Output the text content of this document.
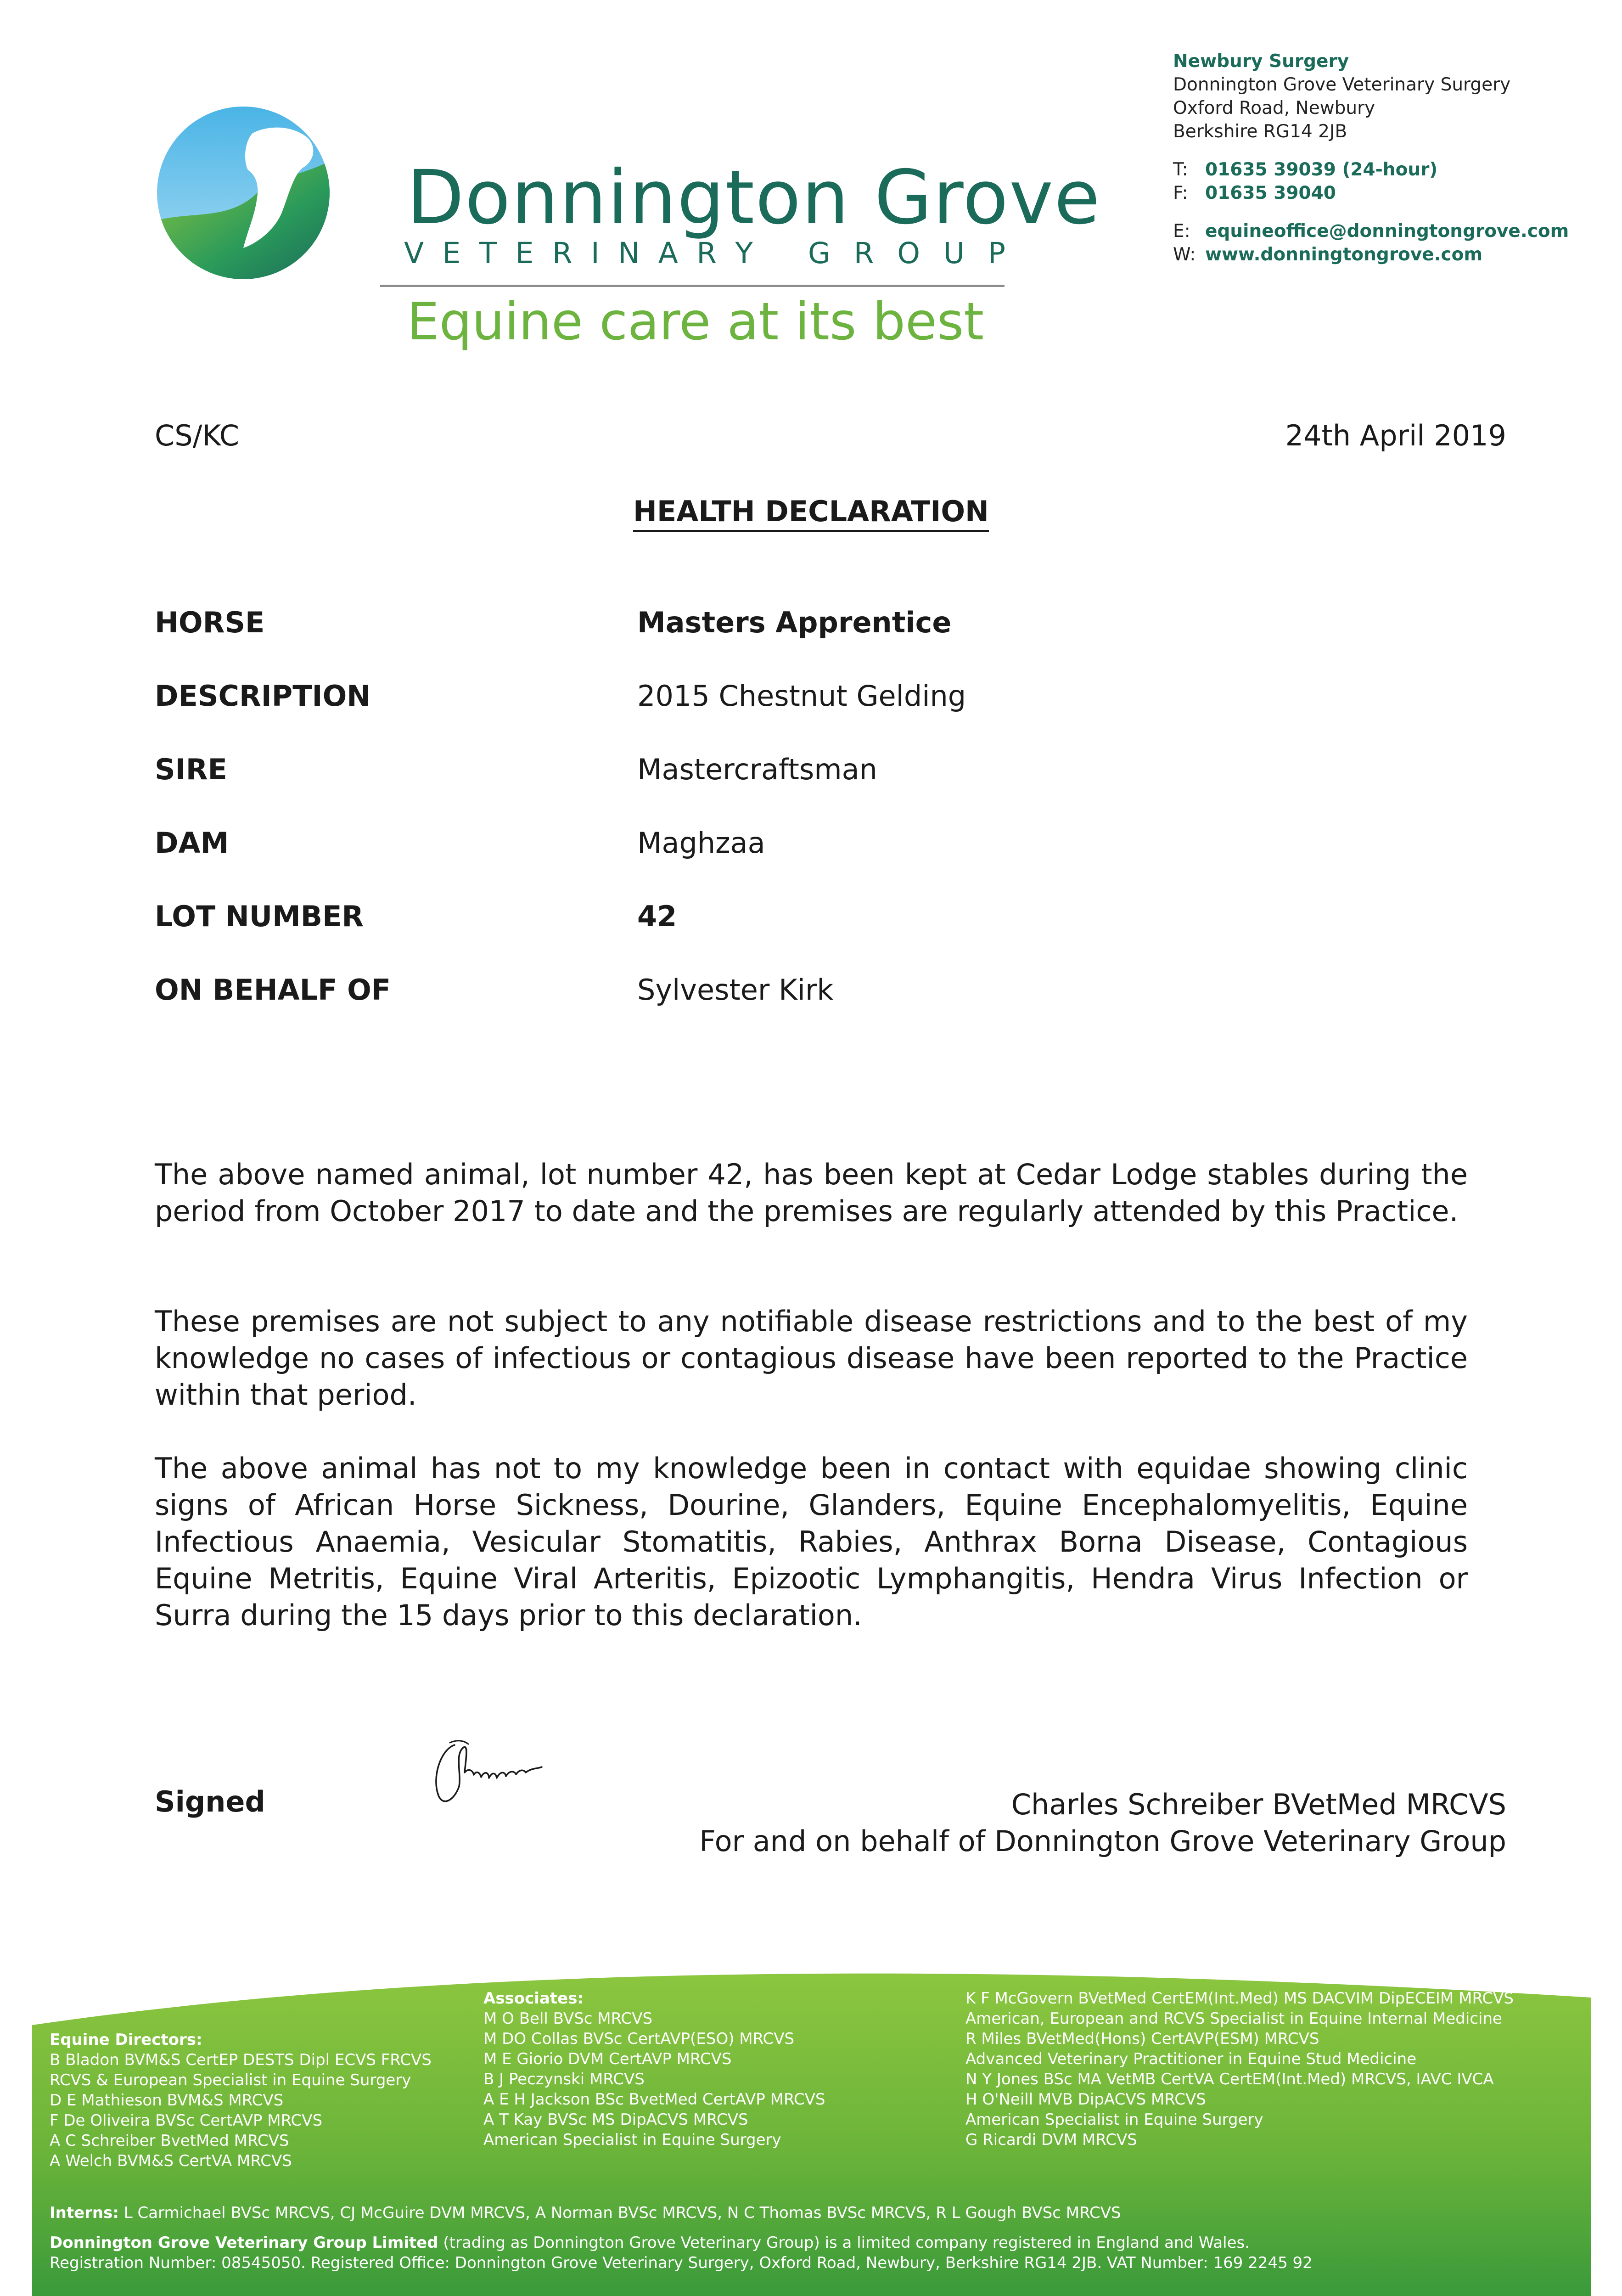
Donnington Grove
V E T E R I N A R Y G R O U P
Equine care at its best
Newbury Surgery
Donnington Grove Veterinary Surgery
Oxford Road, Newbury
Berkshire RG14 2JB
T: 01635 39039 (24-hour)
F: 01635 39040
E: equineoffice@donningtongrove.com
W: www.donningtongrove.com
CS/KC	24th April 2019
HEALTH DECLARATION
HORSE	Masters Apprentice
DESCRIPTION	2015 Chestnut Gelding
SIRE	Mastercraftsman
DAM	Maghzaa
LOT NUMBER	42
ON BEHALF OF	Sylvester Kirk
The above named animal, lot number 42, has been kept at Cedar Lodge stables during the period from October 2017 to date and the premises are regularly attended by this Practice.
These premises are not subject to any notifiable disease restrictions and to the best of my knowledge no cases of infectious or contagious disease have been reported to the Practice within that period.
The above animal has not to my knowledge been in contact with equidae showing clinic signs of African Horse Sickness, Dourine, Glanders, Equine Encephalomyelitis, Equine Infectious Anaemia, Vesicular Stomatitis, Rabies, Anthrax Borna Disease, Contagious Equine Metritis, Equine Viral Arteritis, Epizootic Lymphangitis, Hendra Virus Infection or Surra during the 15 days prior to this declaration.
Signed	Charles Schreiber BVetMed MRCVS
For and on behalf of Donnington Grove Veterinary Group
Equine Directors:
B Bladon BVM&S CertEP DESTS Dipl ECVS FRCVS
RCVS & European Specialist in Equine Surgery
D E Mathieson BVM&S MRCVS
F De Oliveira BVSc CertAVP MRCVS
A C Schreiber BvetMed MRCVS
A Welch BVM&S CertVA MRCVS
Associates:
M O Bell BVSc MRCVS
M DO Collas BVSc CertAVP(ESO) MRCVS
M E Giorio DVM CertAVP MRCVS
B J Peczynski MRCVS
A E H Jackson BSc BvetMed CertAVP MRCVS
A T Kay BVSc MS DipACVS MRCVS
American Specialist in Equine Surgery
K F McGovern BVetMed CertEM(Int.Med) MS DACVIM DipECEIM MRCVS
American, European and RCVS Specialist in Equine Internal Medicine
R Miles BVetMed(Hons) CertAVP(ESM) MRCVS
Advanced Veterinary Practitioner in Equine Stud Medicine
N Y Jones BSc MA VetMB CertVA CertEM(Int.Med) MRCVS, IAVC IVCA
H O'Neill MVB DipACVS MRCVS
American Specialist in Equine Surgery
G Ricardi DVM MRCVS
Interns: L Carmichael BVSc MRCVS, CJ McGuire DVM MRCVS, A Norman BVSc MRCVS, N C Thomas BVSc MRCVS, R L Gough BVSc MRCVS
Donnington Grove Veterinary Group Limited (trading as Donnington Grove Veterinary Group) is a limited company registered in England and Wales.
Registration Number: 08545050. Registered Office: Donnington Grove Veterinary Surgery, Oxford Road, Newbury, Berkshire RG14 2JB. VAT Number: 169 2245 92
